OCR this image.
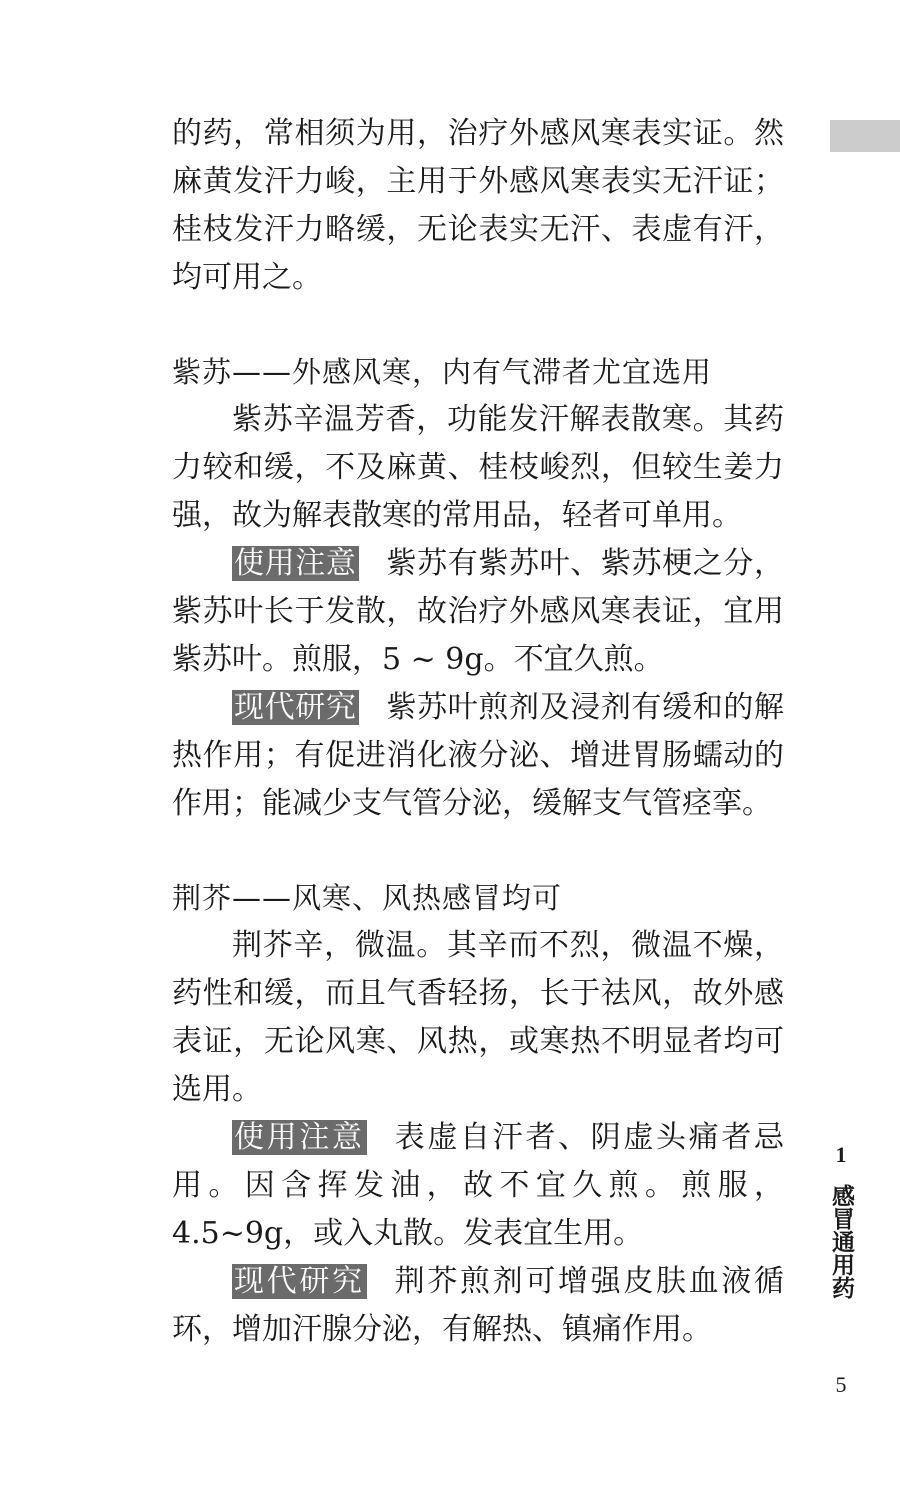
的药，常相须为用，治疗外感风寒表实证。然麻黄发汗力峻，主用于外感风寒表实无汗证；桂枝发汗力略缓，无论表实无汗、表虚有汗，均可用之。

紫苏——外感风寒，内有气滞者尤宜选用

紫苏辛温芳香，功能发汗解表散寒。其药力较和缓，不及麻黄、桂枝峻烈，但较生姜力强，故为解表散寒的常用品，轻者可单用。

使用注意 紫苏有紫苏叶、紫苏梗之分，紫苏叶长于发散，故治疗外感风寒表证，宜用紫苏叶。煎服，5 ~ 9g。不宜久煎。

现代研究 紫苏叶煎剂及浸剂有缓和的解热作用；有促进消化液分泌、增进胃肠蠕动的作用；能减少支气管分泌，缓解支气管痉挛。

荆芥——风寒、风热感冒均可

荆芥辛，微温。其辛而不烈，微温不燥，药性和缓，而且气香轻扬，长于祛风，故外感表证，无论风寒、风热，或寒热不明显者均可选用。

使用注意 表虚自汗者、阴虚头痛者忌用。因含挥发油，故不宜久煎。煎服，4.5~9g，或入丸散。发表宜生用。

现代研究 荆芥煎剂可增强皮肤血液循环，增加汗腺分泌，有解热、镇痛作用。

1
感冒通用药
5
